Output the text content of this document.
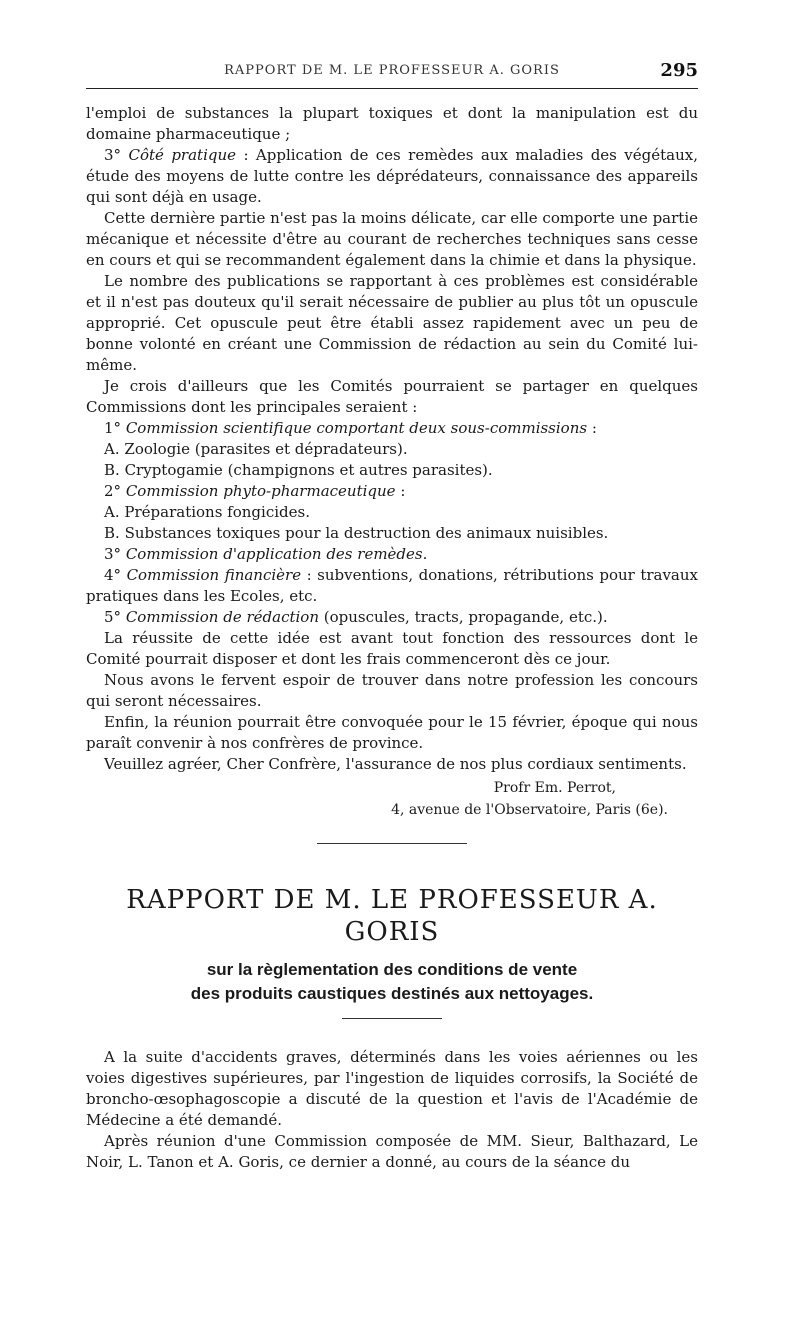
RAPPORT DE M. LE PROFESSEUR A. GORIS	295

l'emploi de substances la plupart toxiques et dont la manipulation est du domaine pharmaceutique ;

3° Côté pratique : Application de ces remèdes aux maladies des végétaux, étude des moyens de lutte contre les déprédateurs, connaissance des appareils qui sont déjà en usage.

Cette dernière partie n'est pas la moins délicate, car elle comporte une partie mécanique et nécessite d'être au courant de recherches techniques sans cesse en cours et qui se recommandent également dans la chimie et dans la physique.

Le nombre des publications se rapportant à ces problèmes est considérable et il n'est pas douteux qu'il serait nécessaire de publier au plus tôt un opuscule approprié. Cet opuscule peut être établi assez rapidement avec un peu de bonne volonté en créant une Commission de rédaction au sein du Comité lui-même.

Je crois d'ailleurs que les Comités pourraient se partager en quelques Commissions dont les principales seraient :

1° Commission scientifique comportant deux sous-commissions :

A. Zoologie (parasites et dépradateurs).

B. Cryptogamie (champignons et autres parasites).

2° Commission phyto-pharmaceutique :

A. Préparations fongicides.

B. Substances toxiques pour la destruction des animaux nuisibles.

3° Commission d'application des remèdes.

4° Commission financière : subventions, donations, rétributions pour travaux pratiques dans les Ecoles, etc.

5° Commission de rédaction (opuscules, tracts, propagande, etc.).

La réussite de cette idée est avant tout fonction des ressources dont le Comité pourrait disposer et dont les frais commenceront dès ce jour.

Nous avons le fervent espoir de trouver dans notre profession les concours qui seront nécessaires.

Enfin, la réunion pourrait être convoquée pour le 15 février, époque qui nous paraît convenir à nos confrères de province.

Veuillez agréer, Cher Confrère, l'assurance de nos plus cordiaux sentiments.

Profr Em. Perrot,
4, avenue de l'Observatoire, Paris (6e).
RAPPORT DE M. LE PROFESSEUR A. GORIS
sur la règlementation des conditions de vente
des produits caustiques destinés aux nettoyages.

A la suite d'accidents graves, déterminés dans les voies aériennes ou les voies digestives supérieures, par l'ingestion de liquides corrosifs, la Société de broncho-œsophagoscopie a discuté de la question et l'avis de l'Académie de Médecine a été demandé.

Après réunion d'une Commission composée de MM. Sieur, Balthazard, Le Noir, L. Tanon et A. Goris, ce dernier a donné, au cours de la séance du
